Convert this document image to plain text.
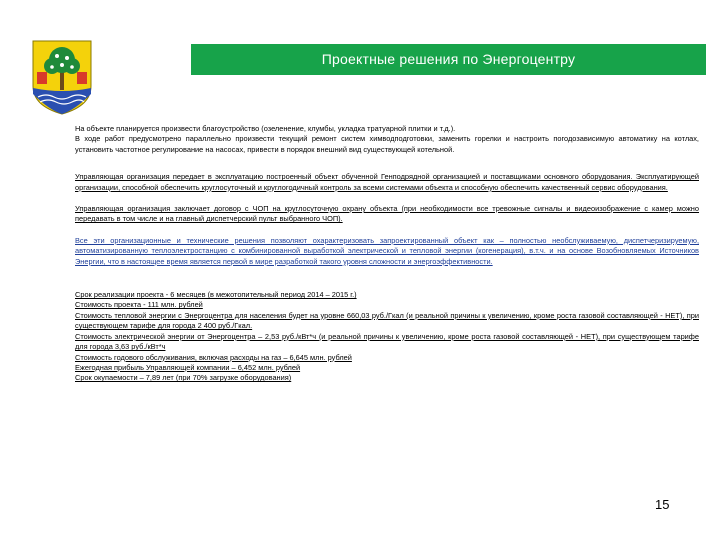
Проектные решения по Энергоцентру

На объекте планируется произвести благоустройство (озеленение, клумбы, укладка тратуарной плитки и т.д.).
В ходе работ предусмотрено параллельно произвести текущий ремонт систем химводподготовки, заменить горелки и настроить погодозависимую автоматику на котлах, установить частотное регулирование на насосах, привести в порядок внешний вид существующей котельной.

Управляющая организация передает в эксплуатацию построенный объект обученной Генподрядной организацией и поставщиками основного оборудования. Эксплуатирующей организации, способной обеспечить круглосуточный и круглогодичный контроль за всеми системами объекта и способную обеспечить качественный сервис оборудования.

Управляющая организация заключает договор с ЧОП на круглосуточную охрану объекта (при необходимости все тревожные сигналы и видеоизображение с камер можно передавать в том числе и на главный диспетчерский пульт выбранного ЧОП).

Все эти организационные и технические решения позволяют охарактеризовать запроектированный объект как – полностью необслуживаемую, диспетчеризируемую, автоматизированную теплоэлектростанцию с комбинированной выработкой электрической и тепловой энергии (когенерация), в.т.ч. и на основе Возобновляемых Источников Энергии, что в настоящее время является первой в мире разработкой такого уровня сложности и энергоэффективности.

Срок реализации проекта - 6 месяцев (в межотопительный период 2014 – 2015 г.)
Стоимость проекта - 111 млн. рублей
Стоимость тепловой энергии с Энергоцентра для населения будет на уровне 660,03 руб./Гкал (и реальной причины к увеличению, кроме роста газовой составляющей - НЕТ), при существующем тарифе для города 2 400 руб./Гкал.
Стоимость электрической энергии от Энергоцентра – 2,53 руб./кВт*ч (и реальной причины к увеличению, кроме роста газовой составляющей - НЕТ), при существующем тарифе для города 3,63 руб./кВт*ч
Стоимость годового обслуживания, включая расходы на газ – 6,645 млн. рублей
Ежегодная прибыль Управляющей компании – 6,452 млн. рублей
Срок окупаемости – 7,89 лет (при 70% загрузке оборудования)
15
